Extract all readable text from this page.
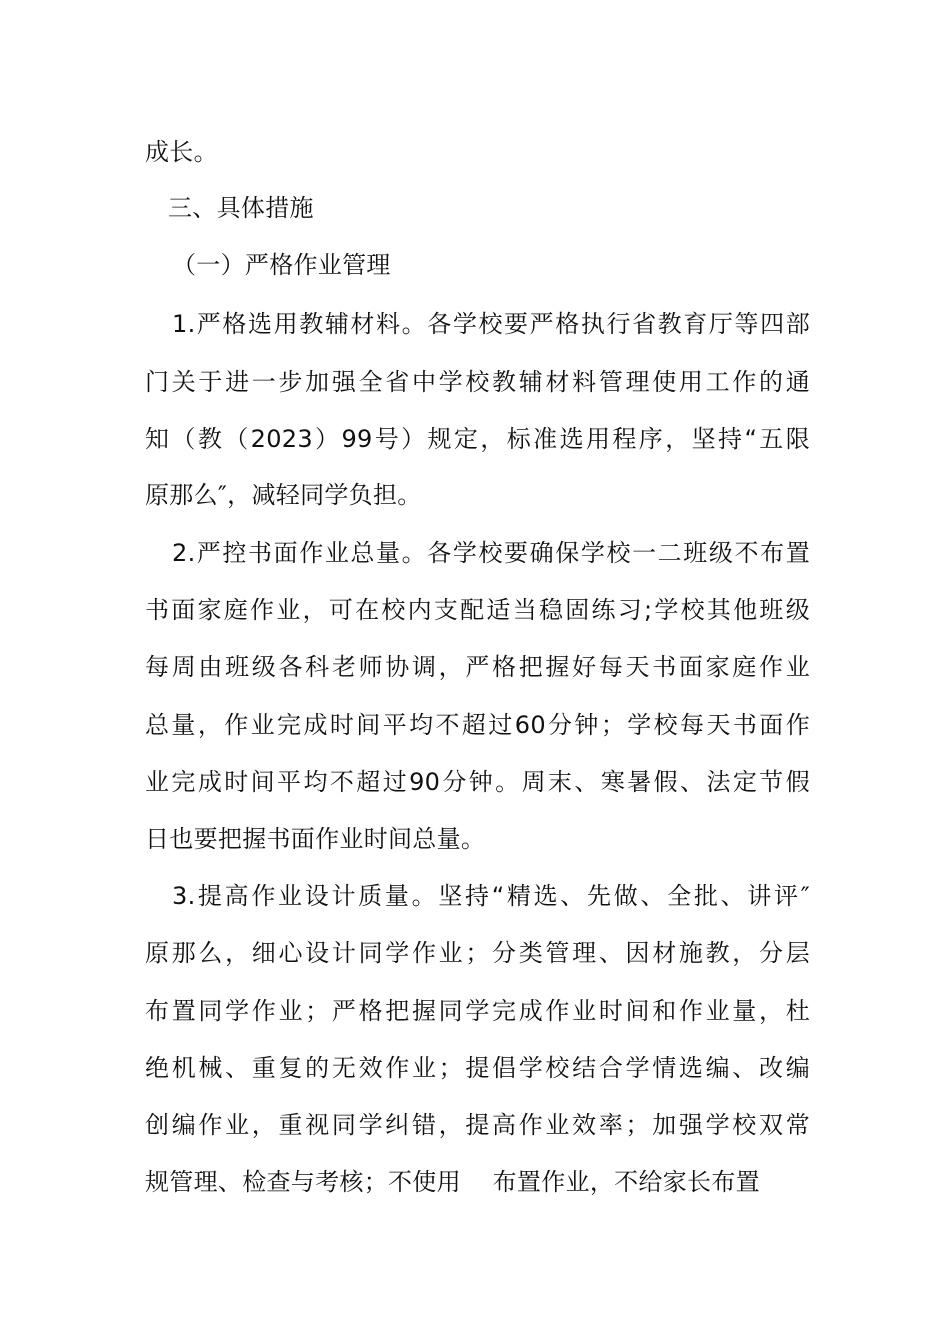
成长。
三、具体措施
（一）严格作业管理
1.严格选用教辅材料。各学校要严格执行省教育厅等四部
门关于进一步加强全省中学校教辅材料管理使用工作的通
知（教（2023）99号）规定，标准选用程序，坚持“五限
原那么″，减轻同学负担。
2.严控书面作业总量。各学校要确保学校一二班级不布置
书面家庭作业，可在校内支配适当稳固练习;学校其他班级
每周由班级各科老师协调，严格把握好每天书面家庭作业
总量，作业完成时间平均不超过60分钟；学校每天书面作
业完成时间平均不超过90分钟。周末、寒暑假、法定节假
日也要把握书面作业时间总量。
3.提高作业设计质量。坚持“精选、先做、全批、讲评″
原那么，细心设计同学作业；分类管理、因材施教，分层
布置同学作业；严格把握同学完成作业时间和作业量，杜
绝机械、重复的无效作业；提倡学校结合学情选编、改编
创编作业，重视同学纠错，提高作业效率；加强学校双常
规管理、检查与考核；不使用    布置作业，不给家长布置
